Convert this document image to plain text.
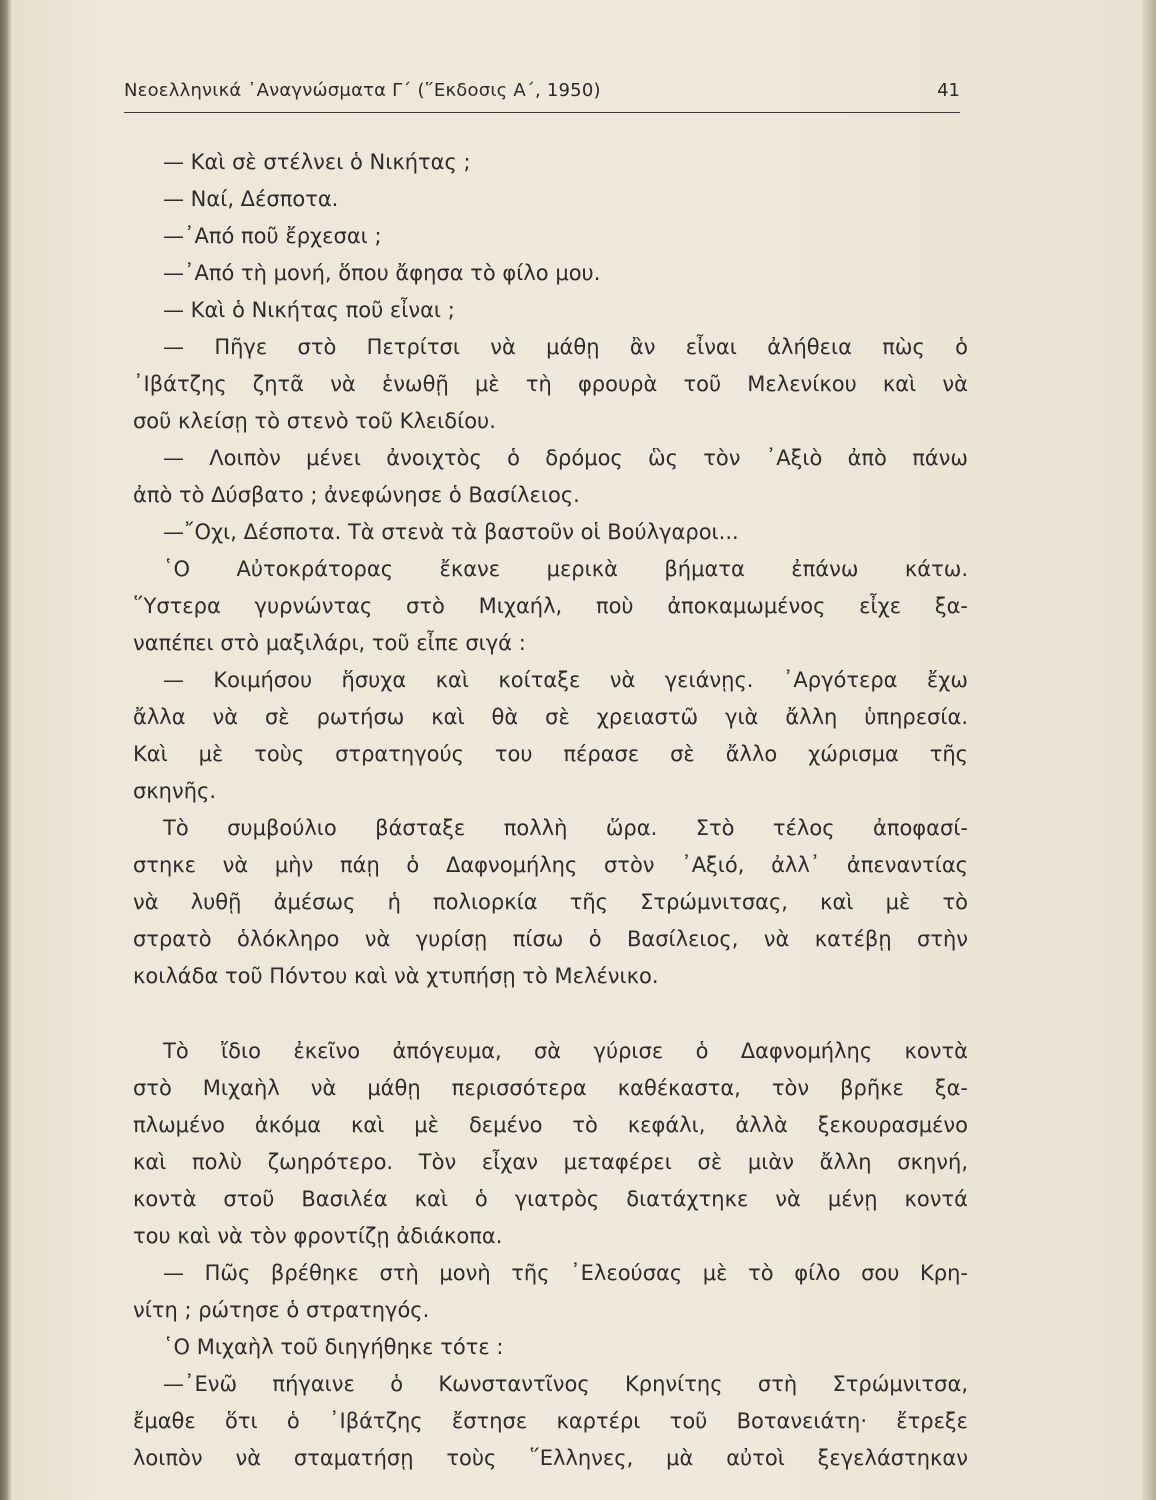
Νεοελληνικά ᾿Αναγνώσματα Γ΄ (῞Εκδοσις Α΄, 1950)	41
— Καὶ σὲ στέλνει ὁ Νικήτας ;
— Ναί, Δέσποτα.
—᾿Από ποῦ ἔρχεσαι ;
—᾿Από τὴ μονή, ὅπου ἄφησα τὸ φίλο μου.
— Καὶ ὁ Νικήτας ποῦ εἶναι ;
— Πῆγε στὸ Πετρίτσι νὰ μάθῃ ἂν εἶναι ἀλήθεια πὼς ὁ
᾿Ιβάτζης ζητᾶ νὰ ἑνωθῇ μὲ τὴ φρουρὰ τοῦ Μελενίκου καὶ νὰ
σοῦ κλείσῃ τὸ στενὸ τοῦ Κλειδίου.
— Λοιπὸν μένει ἀνοιχτὸς ὁ δρόμος ὣς τὸν ᾿Αξιὸ ἀπὸ πάνω
ἀπὸ τὸ Δύσβατο ; ἀνεφώνησε ὁ Βασίλειος.
—῎Οχι, Δέσποτα. Τὰ στενὰ τὰ βαστοῦν οἱ Βούλγαροι...
῾Ο Αὐτοκράτορας ἔκανε μερικὰ βήματα ἐπάνω κάτω.
῞Υστερα γυρνώντας στὸ Μιχαήλ, ποὺ ἀποκαμωμένος εἶχε ξα-
ναπέπει στὸ μαξιλάρι, τοῦ εἶπε σιγά :
— Κοιμήσου ἥσυχα καὶ κοίταξε νὰ γειάνῃς. ᾿Αργότερα ἔχω
ἄλλα νὰ σὲ ρωτήσω καὶ θὰ σὲ χρειαστῶ γιὰ ἄλλη ὑπηρεσία.
Καὶ μὲ τοὺς στρατηγούς του πέρασε σὲ ἄλλο χώρισμα τῆς
σκηνῆς.
Τὸ συμβούλιο βάσταξε πολλὴ ὥρα. Στὸ τέλος ἀποφασί-
στηκε νὰ μὴν πάῃ ὁ Δαφνομήλης στὸν ᾿Αξιό, ἀλλ᾿ ἀπεναντίας
νὰ λυθῇ ἀμέσως ἡ πολιορκία τῆς Στρώμνιτσας, καὶ μὲ τὸ
στρατὸ ὁλόκληρο νὰ γυρίσῃ πίσω ὁ Βασίλειος, νὰ κατέβῃ στὴν
κοιλάδα τοῦ Πόντου καὶ νὰ χτυπήσῃ τὸ Μελένικο.
Τὸ ἴδιο ἐκεῖνο ἀπόγευμα, σὰ γύρισε ὁ Δαφνομήλης κοντὰ
στὸ Μιχαὴλ νὰ μάθῃ περισσότερα καθέκαστα, τὸν βρῆκε ξα-
πλωμένο ἀκόμα καὶ μὲ δεμένο τὸ κεφάλι, ἀλλὰ ξεκουρασμένο
καὶ πολὺ ζωηρότερο. Τὸν εἶχαν μεταφέρει σὲ μιὰν ἄλλη σκηνή,
κοντὰ στοῦ Βασιλέα καὶ ὁ γιατρὸς διατάχτηκε νὰ μένῃ κοντά
του καὶ νὰ τὸν φροντίζῃ ἀδιάκοπα.
— Πῶς βρέθηκε στὴ μονὴ τῆς ᾿Ελεούσας μὲ τὸ φίλο σου Κρη-
νίτη ; ρώτησε ὁ στρατηγός.
῾Ο Μιχαὴλ τοῦ διηγήθηκε τότε :
—᾿Ενῶ πήγαινε ὁ Κωνσταντῖνος Κρηνίτης στὴ Στρώμνιτσα,
ἔμαθε ὅτι ὁ ᾿Ιβάτζης ἔστησε καρτέρι τοῦ Βοτανειάτη· ἔτρεξε
λοιπὸν νὰ σταματήσῃ τοὺς ῞Ελληνες, μὰ αὐτοὶ ξεγελάστηκαν
